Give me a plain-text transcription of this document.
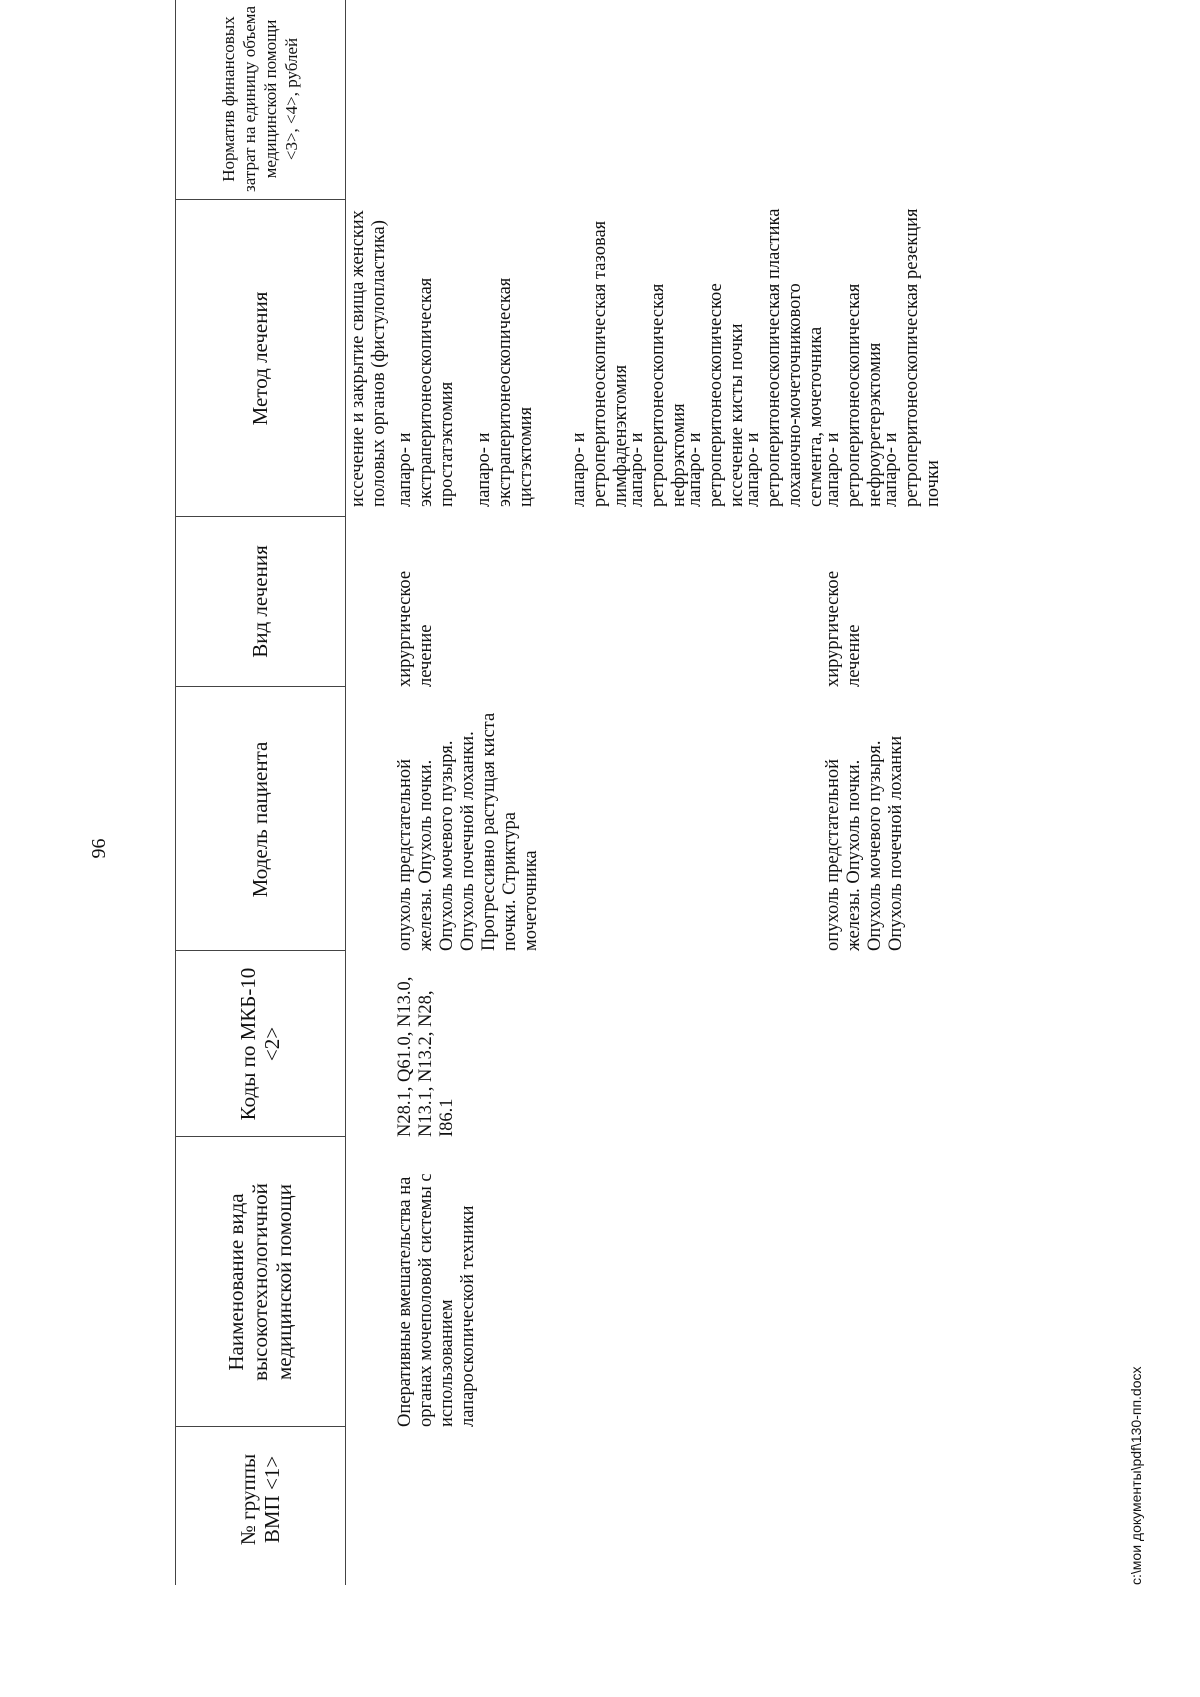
96
№ группы ВМП <1>
Наименование вида высокотехнологичной медицинской помощи
Коды по МКБ-10 <2>
Модель пациента
Вид лечения
Метод лечения
Норматив финансовых затрат на единицу объема медицинской помощи <3>, <4>, рублей
иссечение и закрытие свища женских половых органов (фистулопластика)
Оперативные вмешательства на органах мочеполовой системы с использованием лапароскопической техники
N28.1, Q61.0, N13.0, N13.1, N13.2, N28, I86.1
опухоль предстательной железы. Опухоль почки. Опухоль мочевого пузыря. Опухоль почечной лоханки. Прогрессивно растущая киста почки. Стриктура мочеточника
хирургическое лечение
лапаро- и экстраперитонеоскопическая простатэктомия лапаро- и экстраперитонеоскопическая цистэктомия лапаро- и ретроперитонеоскопическая тазовая лимфаденэктомия
лапаро- и ретроперитонеоскопическая нефрэктомия
лапаро- и ретроперитонеоскопическое иссечение кисты почки
лапаро- и ретроперитонеоскопическая пластика лоханочно-мочеточникового сегмента, мочеточника
опухоль предстательной железы. Опухоль почки. Опухоль мочевого пузыря. Опухоль почечной лоханки
хирургическое лечение
лапаро- и ретроперитонеоскопическая нефроуретерэктомия
лапаро- и ретроперитонеоскопическая резекция почки
c:\мои документы\pdf\130-пп.docx
